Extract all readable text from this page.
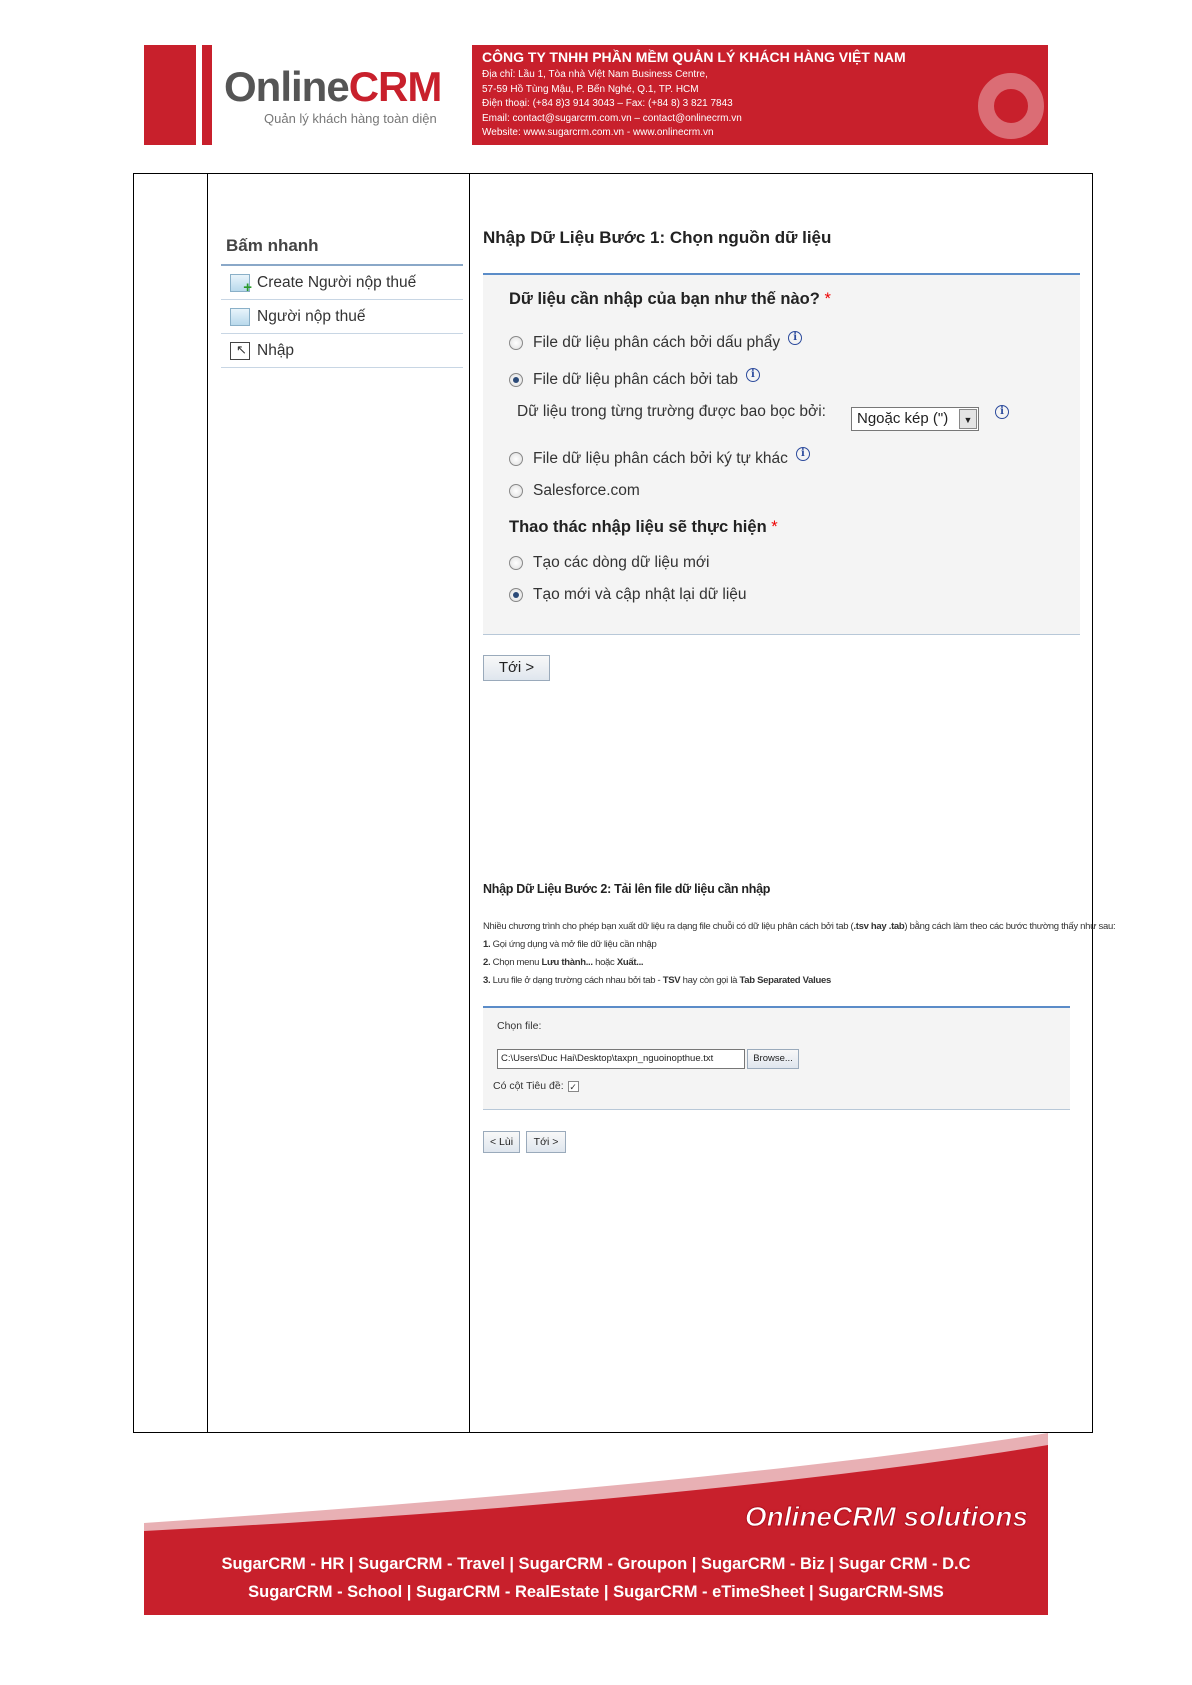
OnlineCRM
Quản lý khách hàng toàn diện
CÔNG TY TNHH PHẦN MỀM QUẢN LÝ KHÁCH HÀNG VIỆT NAM
Địa chỉ: Lầu 1, Tòa nhà Việt Nam Business Centre,
57-59 Hồ Tùng Mậu, P. Bến Nghé, Q.1, TP. HCM
Điện thoại: (+84 8)3 914 3043 – Fax: (+84 8) 3 821 7843
Email: contact@sugarcrm.com.vn – contact@onlinecrm.vn
Website: www.sugarcrm.com.vn - www.onlinecrm.vn
Bấm nhanh
+
Create Người nộp thuế
Người nộp thuế
↖
Nhập
Nhập Dữ Liệu Bước 1: Chọn nguồn dữ liệu
Dữ liệu cần nhập của bạn như thế nào? *
File dữ liệu phân cách bởi dấu phẩy	i
File dữ liệu phân cách bởi tab	i
Dữ liệu trong từng trường được bao bọc bởi:	Ngoặc kép (")	▼
i
File dữ liệu phân cách bởi ký tự khác	i
Salesforce.com
Thao thác nhập liệu sẽ thực hiện *
Tạo các dòng dữ liệu mới
Tạo mới và cập nhật lại dữ liệu
Tới >
Nhập Dữ Liệu Bước 2: Tải lên file dữ liệu cần nhập
Nhiều chương trình cho phép bạn xuất dữ liệu ra dạng file chuỗi có dữ liệu phân cách bởi tab (.tsv hay .tab) bằng cách làm theo các bước thường thấy như sau:
1. Gọi ứng dụng và mở file dữ liệu cần nhập
2. Chọn menu Lưu thành... hoặc Xuất...
3. Lưu file ở dạng trường cách nhau bởi tab - TSV hay còn gọi là Tab Separated Values
Chọn file:
C:\Users\Duc Hai\Desktop\taxpn_nguoinopthue.txt	Browse...
Có cột Tiêu đề: ✓
< Lùi	Tới >
OnlineCRM solutions
SugarCRM - HR | SugarCRM - Travel | SugarCRM - Groupon | SugarCRM - Biz | Sugar CRM - D.C
SugarCRM - School | SugarCRM - RealEstate | SugarCRM - eTimeSheet | SugarCRM-SMS
